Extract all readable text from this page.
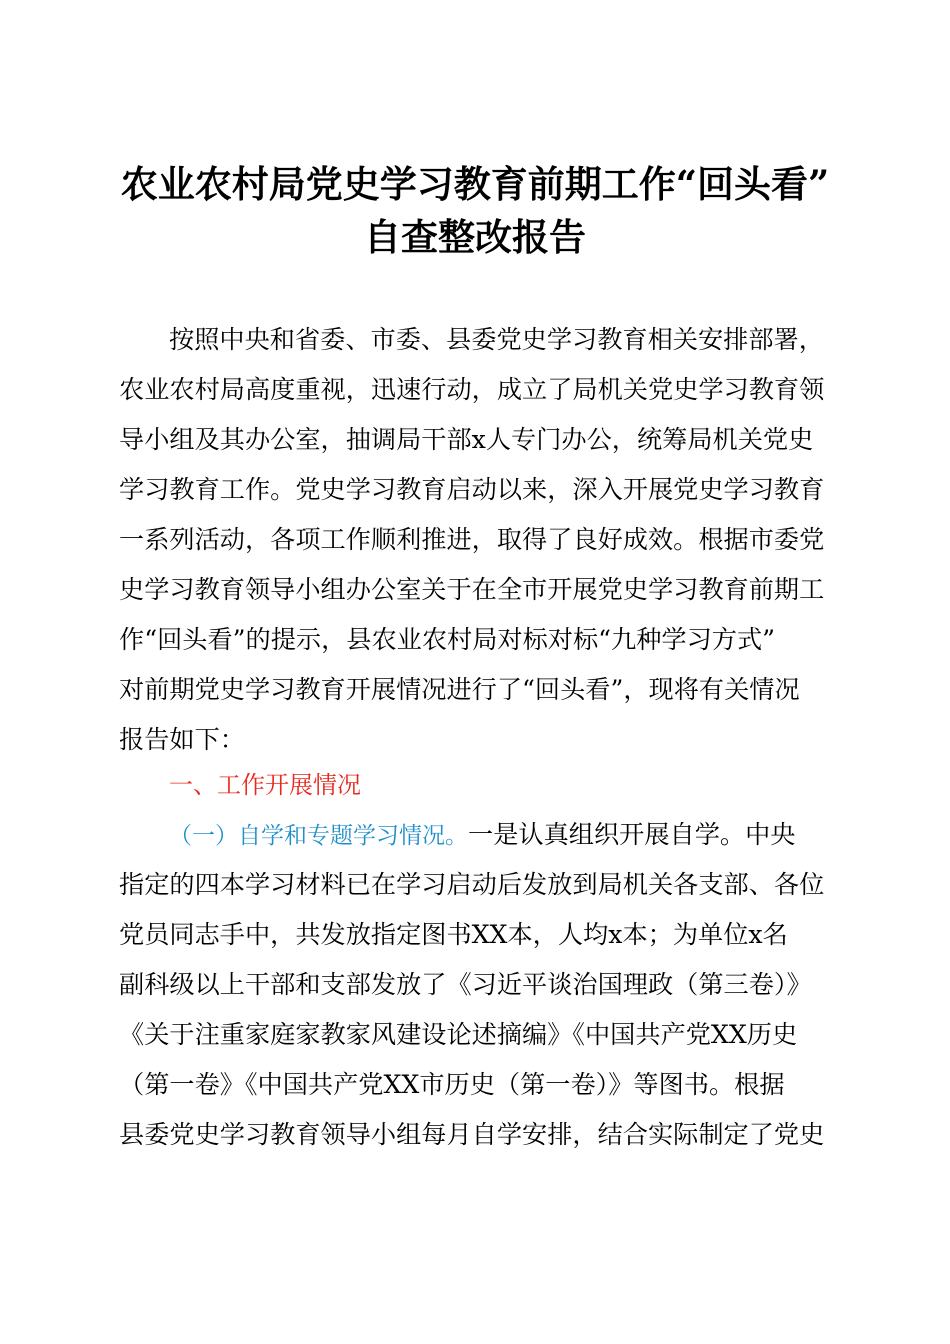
农业农村局党史学习教育前期工作“回头看”
自查整改报告
按照中央和省委、市委、县委党史学习教育相关安排部署，
农业农村局高度重视，迅速行动，成立了局机关党史学习教育领
导小组及其办公室，抽调局干部x人专门办公，统筹局机关党史
学习教育工作。党史学习教育启动以来，深入开展党史学习教育
一系列活动，各项工作顺利推进，取得了良好成效。根据市委党
史学习教育领导小组办公室关于在全市开展党史学习教育前期工
作“回头看”的提示，县农业农村局对标对标“九种学习方式”
对前期党史学习教育开展情况进行了“回头看”，现将有关情况
报告如下：
一、工作开展情况
（一）自学和专题学习情况。一是认真组织开展自学。中央
指定的四本学习材料已在学习启动后发放到局机关各支部、各位
党员同志手中，共发放指定图书XX本，人均x本；为单位x名
副科级以上干部和支部发放了《习近平谈治国理政（第三卷）》
《关于注重家庭家教家风建设论述摘编》《中国共产党XX历史
（第一卷》《中国共产党XX市历史（第一卷）》等图书。根据
县委党史学习教育领导小组每月自学安排，结合实际制定了党史
